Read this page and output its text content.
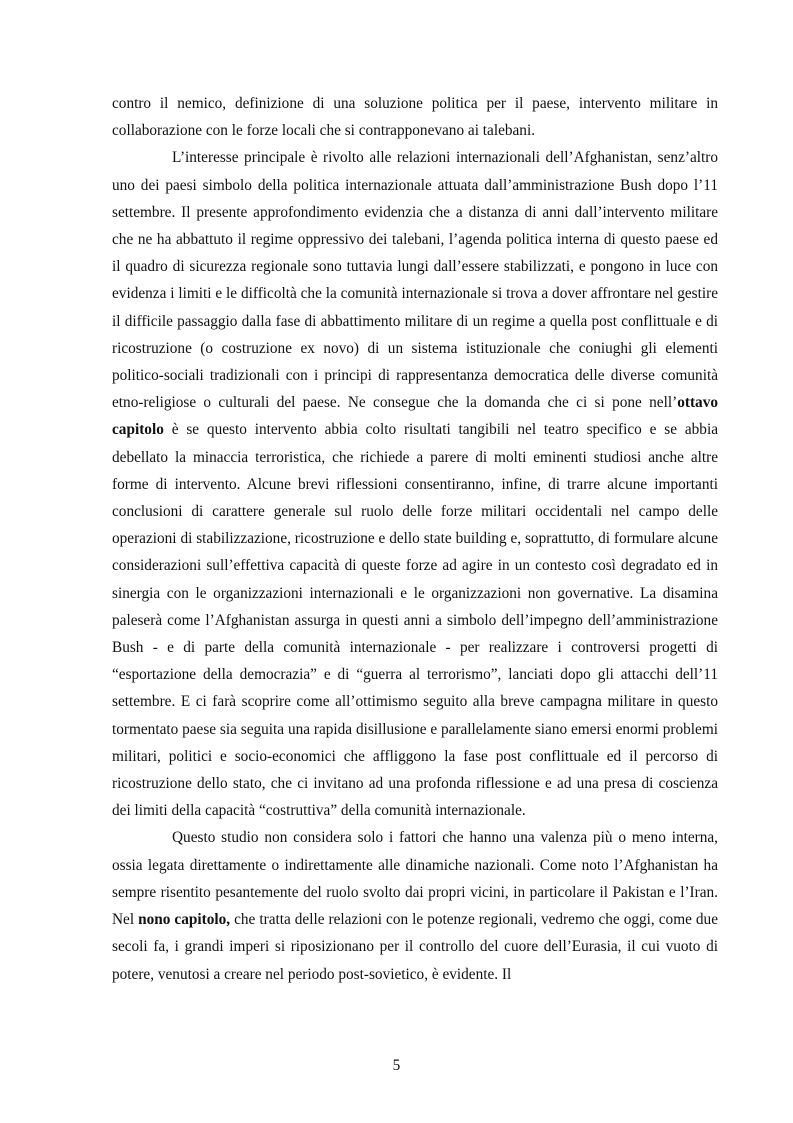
contro il nemico, definizione di una soluzione politica per il paese, intervento militare in collaborazione con le forze locali che si contrapponevano ai talebani.

L’interesse principale è rivolto alle relazioni internazionali dell’Afghanistan, senz’altro uno dei paesi simbolo della politica internazionale attuata dall’amministrazione Bush dopo l’11 settembre. Il presente approfondimento evidenzia che a distanza di anni dall’intervento militare che ne ha abbattuto il regime oppressivo dei talebani, l’agenda politica interna di questo paese ed il quadro di sicurezza regionale sono tuttavia lungi dall’essere stabilizzati, e pongono in luce con evidenza i limiti e le difficoltà che la comunità internazionale si trova a dover affrontare nel gestire il difficile passaggio dalla fase di abbattimento militare di un regime a quella post conflittuale e di ricostruzione (o costruzione ex novo) di un sistema istituzionale che coniughi gli elementi politico-sociali tradizionali con i principi di rappresentanza democratica delle diverse comunità etno-religiose o culturali del paese. Ne consegue che la domanda che ci si pone nell’ottavo capitolo è se questo intervento abbia colto risultati tangibili nel teatro specifico e se abbia debellato la minaccia terroristica, che richiede a parere di molti eminenti studiosi anche altre forme di intervento. Alcune brevi riflessioni consentiranno, infine, di trarre alcune importanti conclusioni di carattere generale sul ruolo delle forze militari occidentali nel campo delle operazioni di stabilizzazione, ricostruzione e dello state building e, soprattutto, di formulare alcune considerazioni sull’effettiva capacità di queste forze ad agire in un contesto così degradato ed in sinergia con le organizzazioni internazionali e le organizzazioni non governative. La disamina paleserà come l’Afghanistan assurga in questi anni a simbolo dell’impegno dell’amministrazione Bush - e di parte della comunità internazionale - per realizzare i controversi progetti di “esportazione della democrazia” e di “guerra al terrorismo”, lanciati dopo gli attacchi dell’11 settembre. E ci farà scoprire come all’ottimismo seguito alla breve campagna militare in questo tormentato paese sia seguita una rapida disillusione e parallelamente siano emersi enormi problemi militari, politici e socio-economici che affliggono la fase post conflittuale ed il percorso di ricostruzione dello stato, che ci invitano ad una profonda riflessione e ad una presa di coscienza dei limiti della capacità “costruttiva” della comunità internazionale.

Questo studio non considera solo i fattori che hanno una valenza più o meno interna, ossia legata direttamente o indirettamente alle dinamiche nazionali. Come noto l’Afghanistan ha sempre risentito pesantemente del ruolo svolto dai propri vicini, in particolare il Pakistan e l’Iran. Nel nono capitolo, che tratta delle relazioni con le potenze regionali, vedremo che oggi, come due secoli fa, i grandi imperi si riposizionano per il controllo del cuore dell’Eurasia, il cui vuoto di potere, venutosi a creare nel periodo post-sovietico, è evidente. Il

5
